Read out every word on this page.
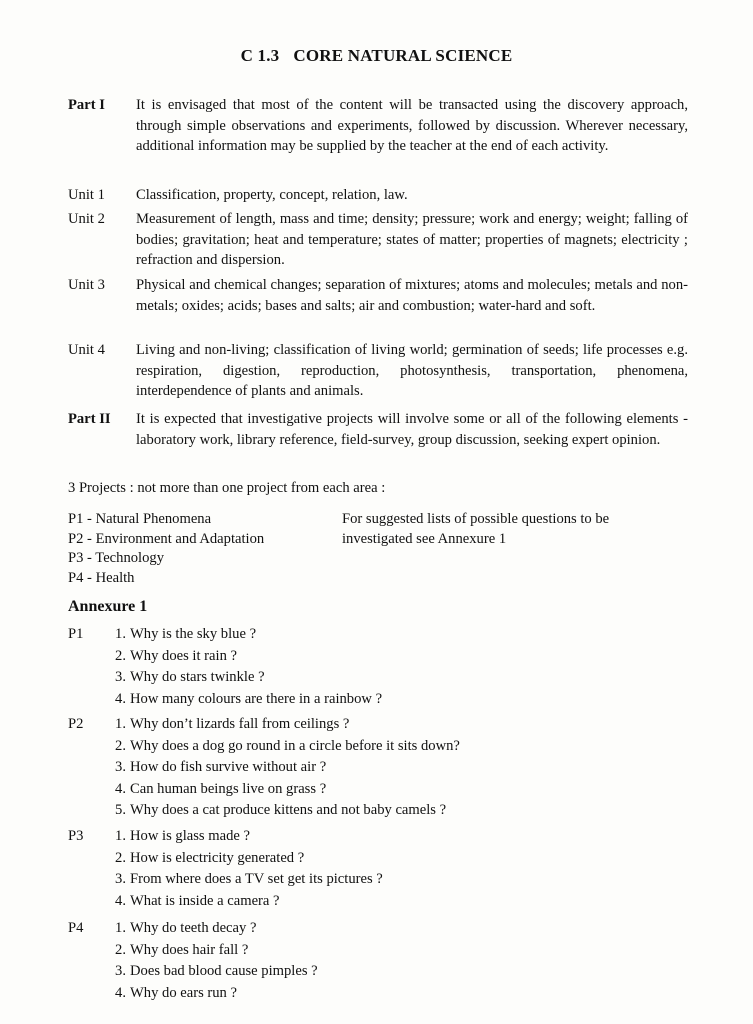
C 1.3 CORE NATURAL SCIENCE
Part I	It is envisaged that most of the content will be transacted using the discovery approach, through simple observations and experiments, followed by discussion. Wherever necessary, additional information may be supplied by the teacher at the end of each activity.
Unit 1	Classification, property, concept, relation, law.
Unit 2	Measurement of length, mass and time; density; pressure; work and energy; weight; falling of bodies; gravitation; heat and temperature; states of matter; properties of magnets; electricity ; refraction and dispersion.
Unit 3	Physical and chemical changes; separation of mixtures; atoms and molecules; metals and non-metals; oxides; acids; bases and salts; air and combustion; water-hard and soft.
Unit 4	Living and non-living; classification of living world; germination of seeds; life processes e.g. respiration, digestion, reproduction, photosynthesis, transportation, phenomena, interdependence of plants and animals.
Part II	It is expected that investigative projects will involve some or all of the following elements - laboratory work, library reference, field-survey, group discussion, seeking expert opinion.
3 Projects : not more than one project from each area :
P1 - Natural Phenomena
P2 - Environment and Adaptation
P3 - Technology
P4 - Health
For suggested lists of possible questions to be investigated see Annexure 1
Annexure 1
P1	1. Why is the sky blue ?
2. Why does it rain ?
3. Why do stars twinkle ?
4. How many colours are there in a rainbow ?
P2	1. Why don’t lizards fall from ceilings ?
2. Why does a dog go round in a circle before it sits down?
3. How do fish survive without air ?
4. Can human beings live on grass ?
5. Why does a cat produce kittens and not baby camels ?
P3	1. How is glass made ?
2. How is electricity generated ?
3. From where does a TV set get its pictures ?
4. What is inside a camera ?
P4	1. Why do teeth decay ?
2. Why does hair fall ?
3. Does bad blood cause pimples ?
4. Why do ears run ?
